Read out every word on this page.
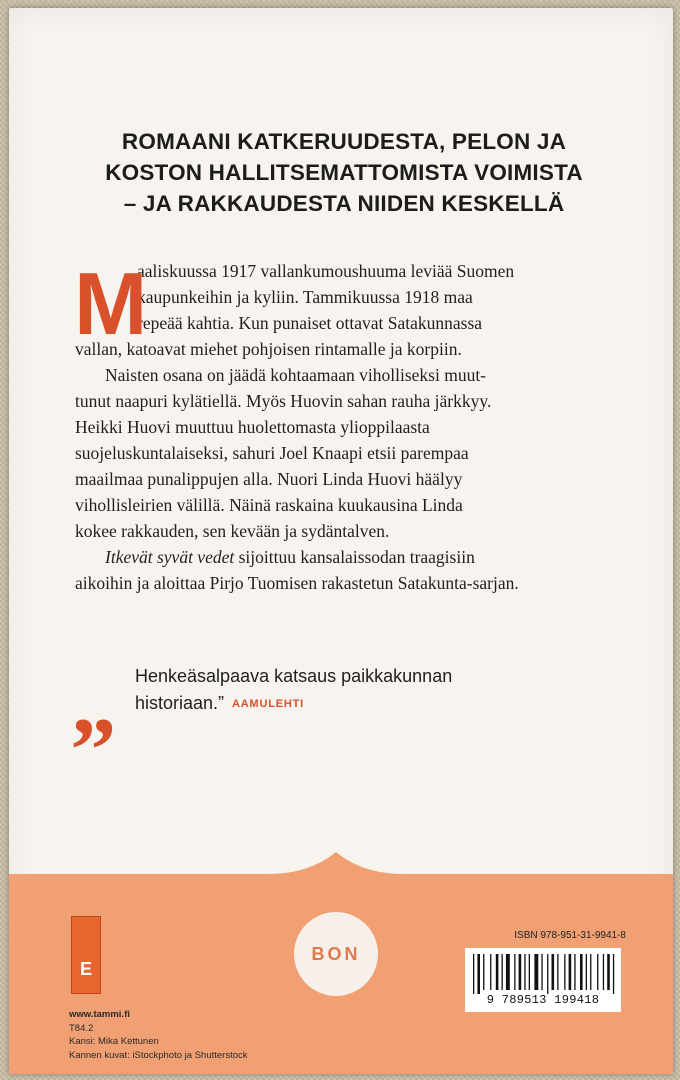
ROMAANI KATKERUUDESTA, PELON JA
KOSTON HALLITSEMATTOMISTA VOIMISTA
– JA RAKKAUDESTA NIIDEN KESKELLÄ
M
aaliskuussa 1917 vallankumoushuuma leviää Suomen
kaupunkeihin ja kyliin. Tammikuussa 1918 maa
repeää kahtia. Kun punaiset ottavat Satakunnassa
vallan, katoavat miehet pohjoisen rintamalle ja korpiin.
Naisten osana on jäädä kohtaamaan viholliseksi muut-
tunut naapuri kylätiellä. Myös Huovin sahan rauha järkkyy.
Heikki Huovi muuttuu huolettomasta ylioppilaasta
suojeluskuntalaiseksi, sahuri Joel Knaapi etsii parempaa
maailmaa punalippujen alla. Nuori Linda Huovi häälyy
vihollisleirien välillä. Näinä raskaina kuukausina Linda
kokee rakkauden, sen kevään ja sydäntalven.
Itkevät syvät vedet sijoittuu kansalaissodan traagisiin
aikoihin ja aloittaa Pirjo Tuomisen rakastetun Satakunta-sarjan.
„ Henkeäsalpaava katsaus paikkakunnan
historiaan.” AAMULEHTI
E
www.tammi.fi
T84.2
Kansi: Mika Kettunen
Kannen kuvat: iStockphoto ja Shutterstock
BON
ISBN 978-951-31-9941-8
9 789513 199418
